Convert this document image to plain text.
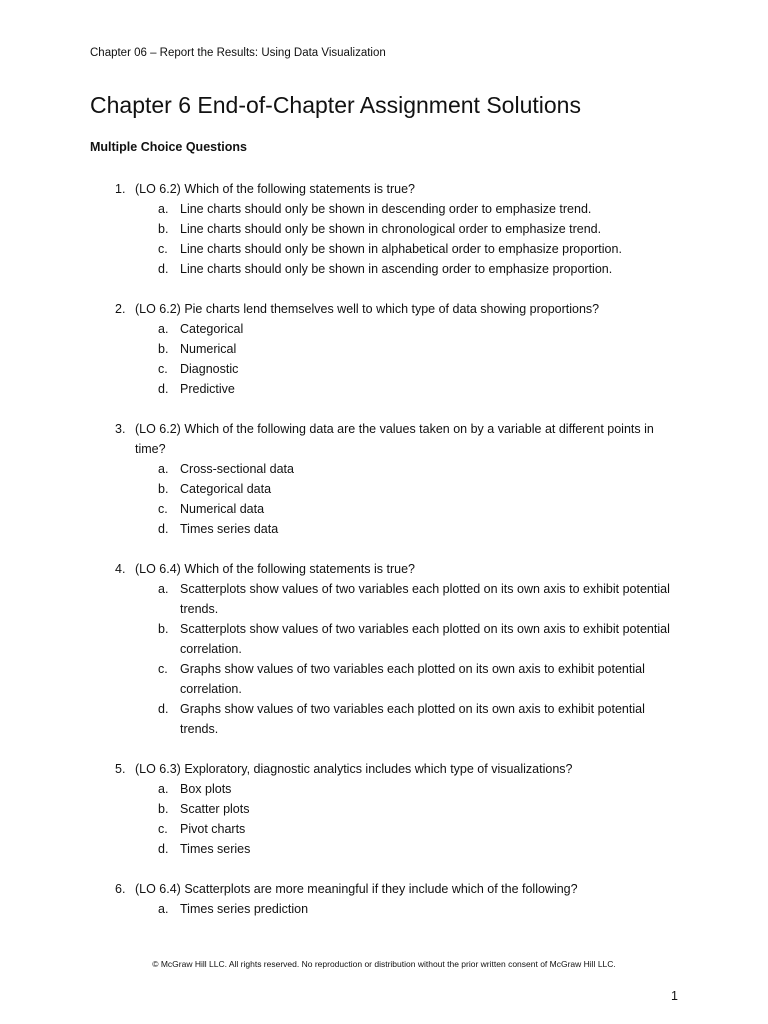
Chapter 06 – Report the Results: Using Data Visualization
Chapter 6 End-of-Chapter Assignment Solutions
Multiple Choice Questions
1. (LO 6.2) Which of the following statements is true?
a. Line charts should only be shown in descending order to emphasize trend.
b. Line charts should only be shown in chronological order to emphasize trend.
c. Line charts should only be shown in alphabetical order to emphasize proportion.
d. Line charts should only be shown in ascending order to emphasize proportion.
2. (LO 6.2) Pie charts lend themselves well to which type of data showing proportions?
a. Categorical
b. Numerical
c. Diagnostic
d. Predictive
3. (LO 6.2) Which of the following data are the values taken on by a variable at different points in time?
a. Cross-sectional data
b. Categorical data
c. Numerical data
d. Times series data
4. (LO 6.4) Which of the following statements is true?
a. Scatterplots show values of two variables each plotted on its own axis to exhibit potential trends.
b. Scatterplots show values of two variables each plotted on its own axis to exhibit potential correlation.
c. Graphs show values of two variables each plotted on its own axis to exhibit potential correlation.
d. Graphs show values of two variables each plotted on its own axis to exhibit potential trends.
5. (LO 6.3) Exploratory, diagnostic analytics includes which type of visualizations?
a. Box plots
b. Scatter plots
c. Pivot charts
d. Times series
6. (LO 6.4) Scatterplots are more meaningful if they include which of the following?
a. Times series prediction
© McGraw Hill LLC. All rights reserved. No reproduction or distribution without the prior written consent of McGraw Hill LLC.
1
